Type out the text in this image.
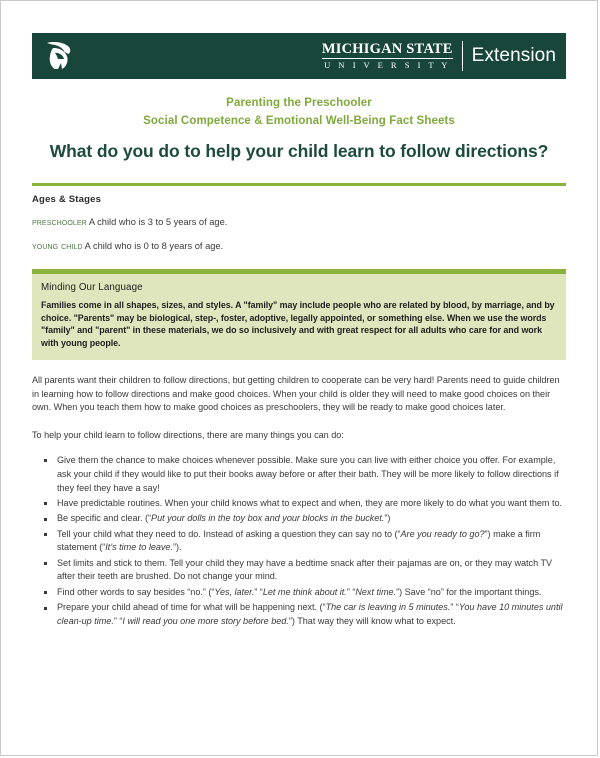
MICHIGAN STATE
U N I V E R S I T Y	Extension
Parenting the Preschooler
Social Competence & Emotional Well-Being Fact Sheets
What do you do to help your child learn to follow directions?
Ages & Stages
preschooler A child who is 3 to 5 years of age.
young child A child who is 0 to 8 years of age.
Minding Our Language
Families come in all shapes, sizes, and styles. A "family" may include people who are related by blood, by marriage, and by choice. "Parents" may be biological, step-, foster, adoptive, legally appointed, or something else. When we use the words "family" and "parent" in these materials, we do so inclusively and with great respect for all adults who care for and work with young people.

All parents want their children to follow directions, but getting children to cooperate can be very hard! Parents need to guide children in learning how to follow directions and make good choices. When your child is older they will need to make good choices on their own. When you teach them how to make good choices as preschoolers, they will be ready to make good choices later.

To help your child learn to follow directions, there are many things you can do:

Give them the chance to make choices whenever possible. Make sure you can live with either choice you offer. For example, ask your child if they would like to put their books away before or after their bath. They will be more likely to follow directions if they feel they have a say!
Have predictable routines. When your child knows what to expect and when, they are more likely to do what you want them to.
Be specific and clear. (“Put your dolls in the toy box and your blocks in the bucket.”)
Tell your child what they need to do. Instead of asking a question they can say no to (“Are you ready to go?”) make a firm statement (“It’s time to leave.”).
Set limits and stick to them. Tell your child they may have a bedtime snack after their pajamas are on, or they may watch TV after their teeth are brushed. Do not change your mind.
Find other words to say besides “no.” (“Yes, later.” “Let me think about it.” “Next time.”) Save “no” for the important things.
Prepare your child ahead of time for what will be happening next. (“The car is leaving in 5 minutes.” “You have 10 minutes until clean-up time.” “I will read you one more story before bed.”) That way they will know what to expect.
